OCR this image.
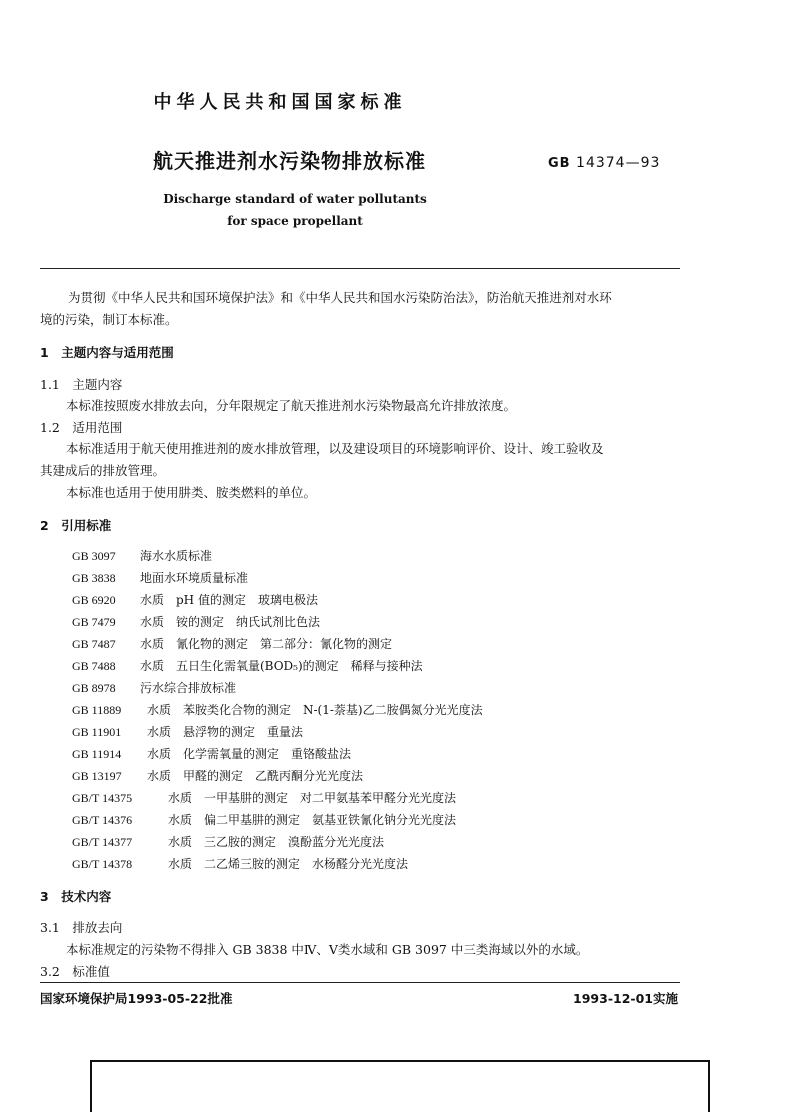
中华人民共和国国家标准
航天推进剂水污染物排放标准	GB 14374—93
Discharge standard of water pollutants
for space propellant
为贯彻《中华人民共和国环境保护法》和《中华人民共和国水污染防治法》，防治航天推进剂对水环
境的污染，制订本标准。
1　主题内容与适用范围
1.1　主题内容
本标准按照废水排放去向，分年限规定了航天推进剂水污染物最高允许排放浓度。
1.2　适用范围
本标准适用于航天使用推进剂的废水排放管理，以及建设项目的环境影响评价、设计、竣工验收及
其建成后的排放管理。
本标准也适用于使用肼类、胺类燃料的单位。
2　引用标准
GB 3097 海水水质标准
GB 3838 地面水环境质量标准
GB 6920 水质　pH 值的测定　玻璃电极法
GB 7479 水质　铵的测定　纳氏试剂比色法
GB 7487 水质　氰化物的测定　第二部分：氰化物的测定
GB 7488 水质　五日生化需氧量(BOD₅)的测定　稀释与接种法
GB 8978 污水综合排放标准
GB 11889 水质　苯胺类化合物的测定　N-(1-萘基)乙二胺偶氮分光光度法
GB 11901 水质　悬浮物的测定　重量法
GB 11914 水质　化学需氧量的测定　重铬酸盐法
GB 13197 水质　甲醛的测定　乙酰丙酮分光光度法
GB/T 14375	水质　一甲基肼的测定　对二甲氨基苯甲醛分光光度法
GB/T 14376	水质　偏二甲基肼的测定　氨基亚铁氰化钠分光光度法
GB/T 14377	水质　三乙胺的测定　溴酚蓝分光光度法
GB/T 14378	水质　二乙烯三胺的测定　水杨醛分光光度法
3　技术内容
3.1　排放去向
本标准规定的污染物不得排入 GB 3838 中Ⅳ、Ⅴ类水域和 GB 3097 中三类海域以外的水域。
3.2　标准值
国家环境保护局1993-05-22批准	1993-12-01实施
